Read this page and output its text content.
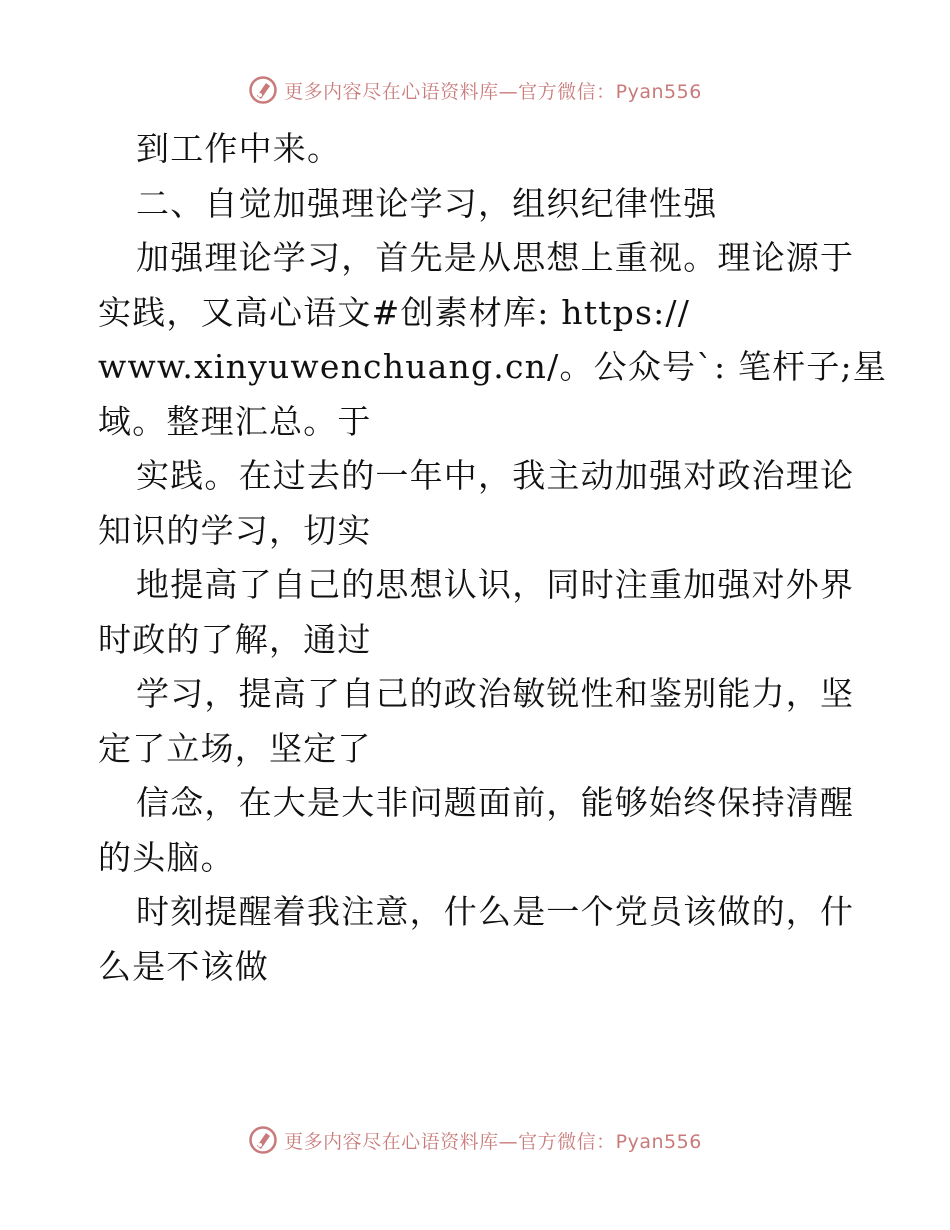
更多内容尽在心语资料库—官方微信：Pyan556
到工作中来。
二、自觉加强理论学习，组织纪律性强
加强理论学习，首先是从思想上重视。理论源于
实践，又高心语文#创素材库: https://
www.xinyuwenchuang.cn/。公众号`: 笔杆子;星
域。整理汇总。于
实践。在过去的一年中，我主动加强对政治理论
知识的学习，切实
地提高了自己的思想认识，同时注重加强对外界
时政的了解，通过
学习，提高了自己的政治敏锐性和鉴别能力，坚
定了立场，坚定了
信念，在大是大非问题面前，能够始终保持清醒
的头脑。
时刻提醒着我注意，什么是一个党员该做的，什
么是不该做
更多内容尽在心语资料库—官方微信：Pyan556
